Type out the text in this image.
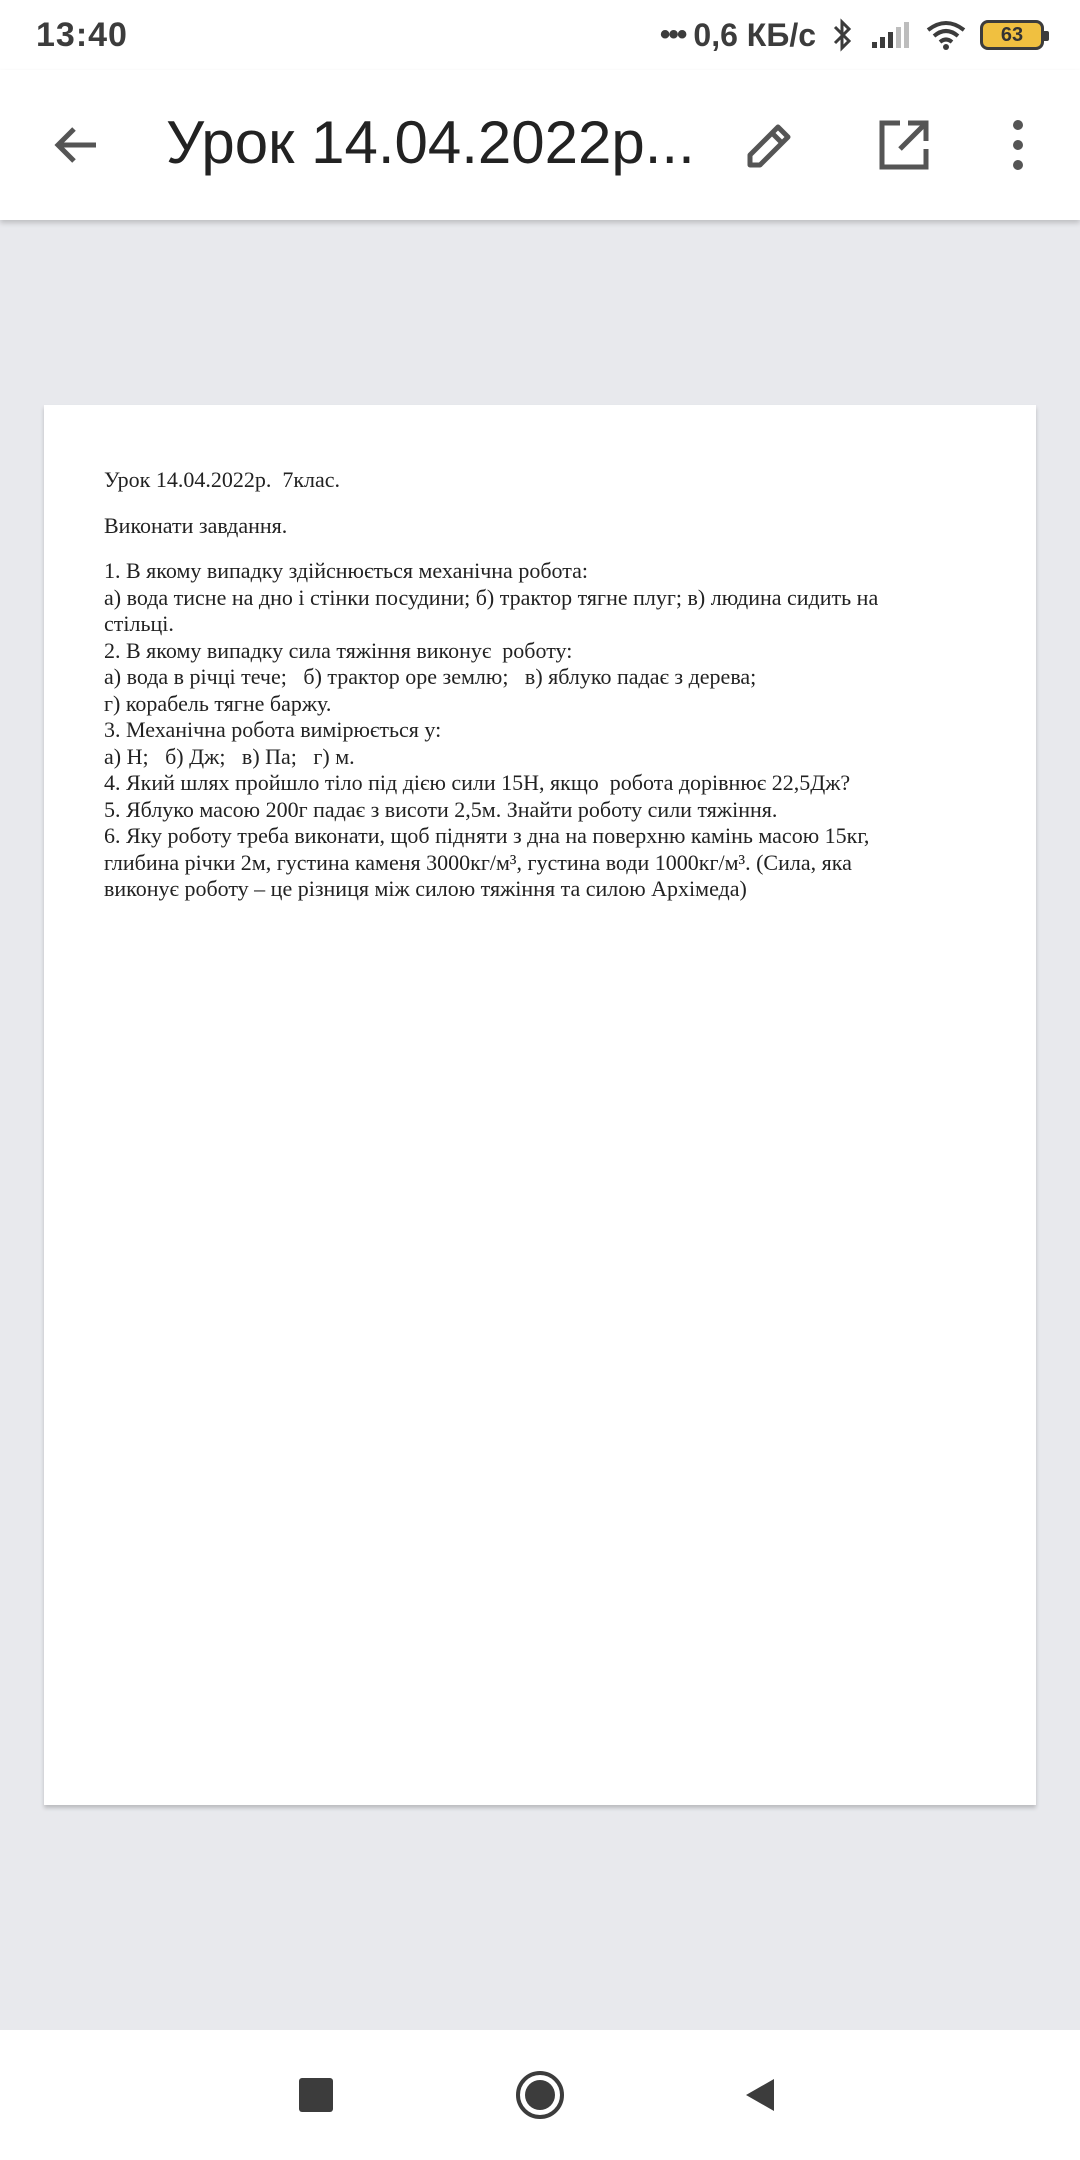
13:40	••• 0,6 КБ/с	63
Урок 14.04.2022р...

Урок 14.04.2022р.  7клас.

Виконати завдання.

1. В якому випадку здійснюється механічна робота:

а) вода тисне на дно і стінки посудини; б) трактор тягне плуг; в) людина сидить на

стільці.

2. В якому випадку сила тяжіння виконує  роботу:

а) вода в річці тече;   б) трактор оре землю;   в) яблуко падає з дерева;

г) корабель тягне баржу.

3. Механічна робота вимірюється у:

а) Н;   б) Дж;   в) Па;   г) м.

4. Який шлях пройшло тіло під дією сили 15Н, якщо  робота дорівнює 22,5Дж?

5. Яблуко масою 200г падає з висоти 2,5м. Знайти роботу сили тяжіння.

6. Яку роботу треба виконати, щоб підняти з дна на поверхню камінь масою 15кг,

глибина річки 2м, густина каменя 3000кг/м³, густина води 1000кг/м³. (Сила, яка

виконує роботу – це різниця між силою тяжіння та силою Архімеда)
